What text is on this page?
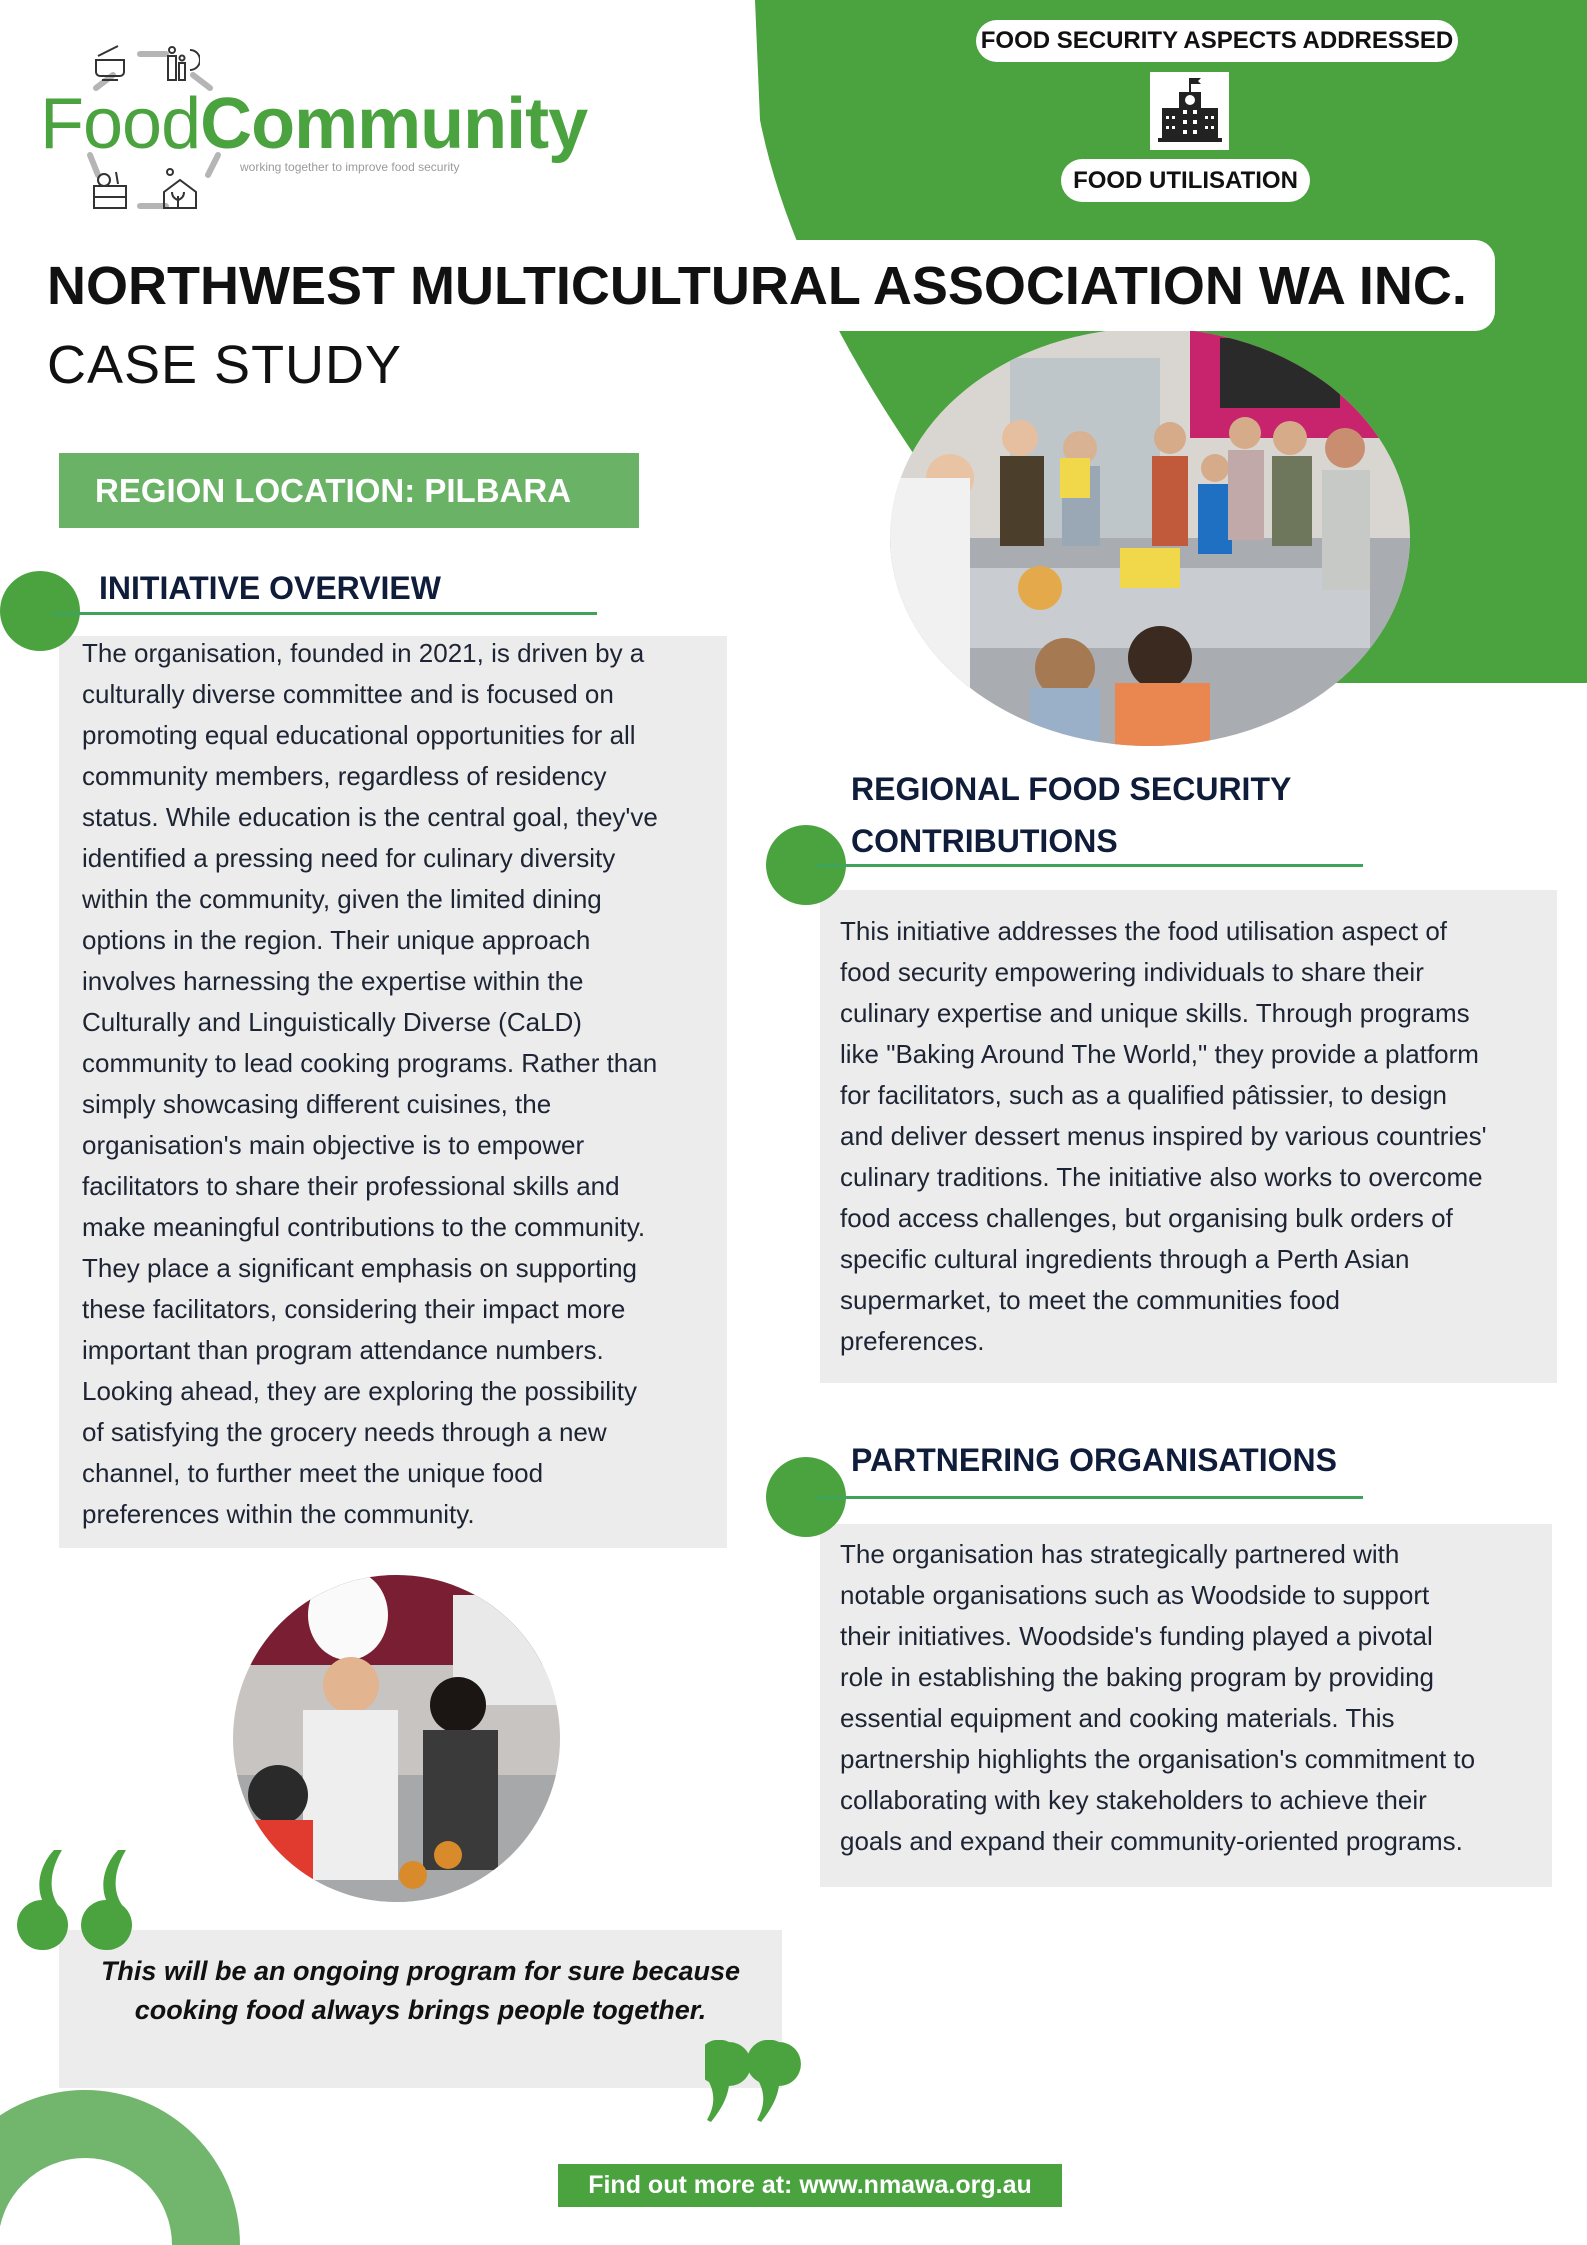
FoodCommunity
working together to improve food security
FOOD SECURITY ASPECTS ADDRESSED
FOOD UTILISATION
NORTHWEST MULTICULTURAL ASSOCIATION WA INC.
CASE STUDY
REGION LOCATION: PILBARA
INITIATIVE OVERVIEW
The organisation, founded in 2021, is driven by a
culturally diverse committee and is focused on
promoting equal educational opportunities for all
community members, regardless of residency
status. While education is the central goal, they've
identified a pressing need for culinary diversity
within the community, given the limited dining
options in the region. Their unique approach
involves harnessing the expertise within the
Culturally and Linguistically Diverse (CaLD)
community to lead cooking programs. Rather than
simply showcasing different cuisines, the
organisation's main objective is to empower
facilitators to share their professional skills and
make meaningful contributions to the community.
They place a significant emphasis on supporting
these facilitators, considering their impact more
important than program attendance numbers.
Looking ahead, they are exploring the possibility
of satisfying the grocery needs through a new
channel, to further meet the unique food
preferences within the community.
REGIONAL FOOD SECURITY
CONTRIBUTIONS
This initiative addresses the food utilisation aspect of
food security empowering individuals to share their
culinary expertise and unique skills. Through programs
like "Baking Around The World," they provide a platform
for facilitators, such as a qualified pâtissier, to design
and deliver dessert menus inspired by various countries'
culinary traditions. The initiative also works to overcome
food access challenges, but organising bulk orders of
specific cultural ingredients through a Perth Asian
supermarket, to meet the communities food
preferences.
PARTNERING ORGANISATIONS
The organisation has strategically partnered with
notable organisations such as Woodside to support
their initiatives. Woodside's funding played a pivotal
role in establishing the baking program by providing
essential equipment and cooking materials. This
partnership highlights the organisation's commitment to
collaborating with key stakeholders to achieve their
goals and expand their community-oriented programs.
This will be an ongoing program for sure because
cooking food always brings people together.
Find out more at: www.nmawa.org.au
